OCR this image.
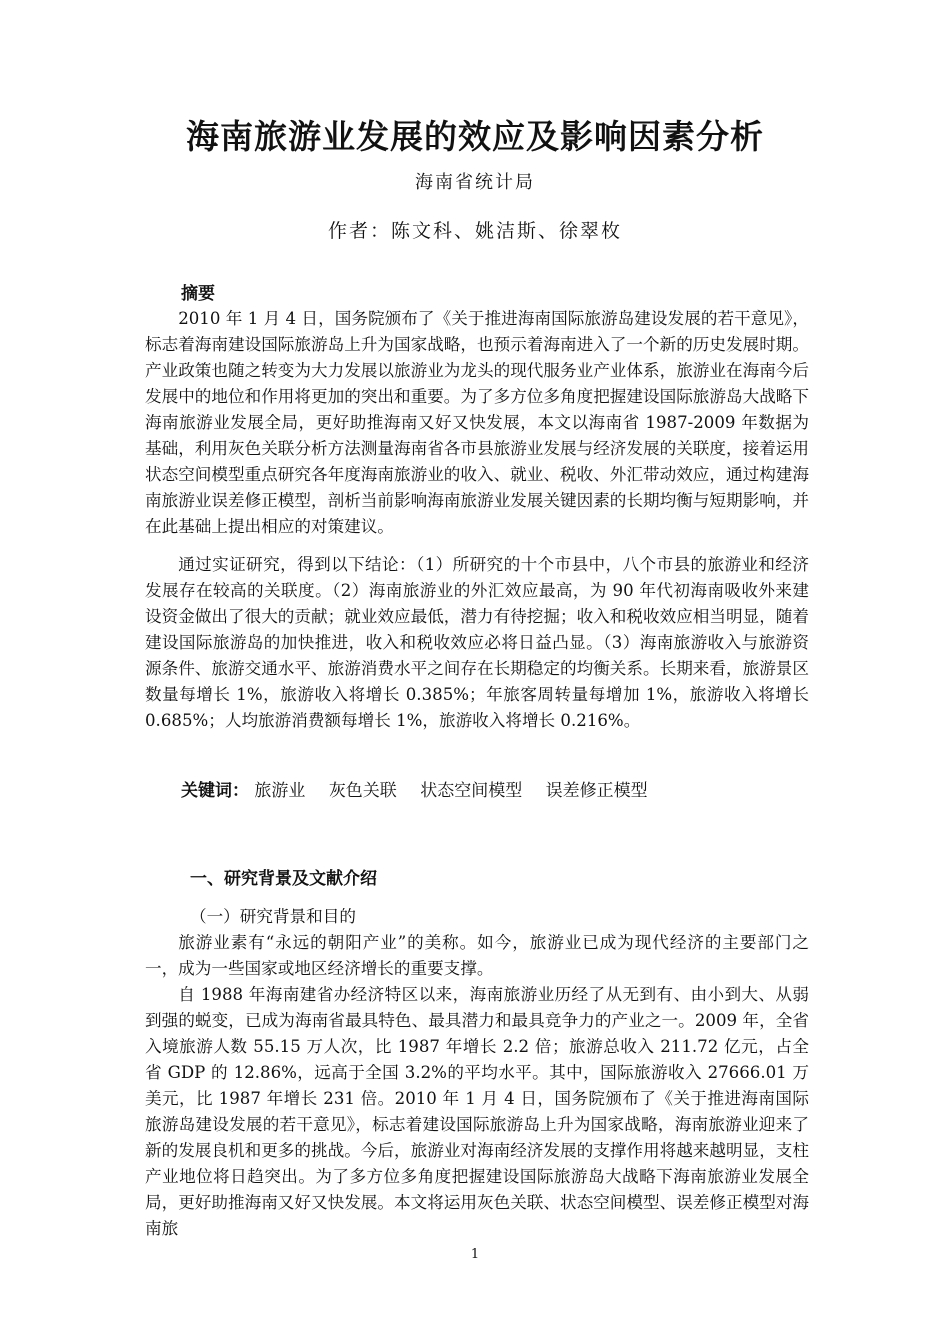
海南旅游业发展的效应及影响因素分析
海南省统计局
作者：陈文科、姚洁斯、徐翠枚
摘要

2010 年 1 月 4 日，国务院颁布了《关于推进海南国际旅游岛建设发展的若干意见》，标志着海南建设国际旅游岛上升为国家战略，也预示着海南进入了一个新的历史发展时期。产业政策也随之转变为大力发展以旅游业为龙头的现代服务业产业体系，旅游业在海南今后发展中的地位和作用将更加的突出和重要。为了多方位多角度把握建设国际旅游岛大战略下海南旅游业发展全局，更好助推海南又好又快发展，本文以海南省 1987-2009 年数据为基础，利用灰色关联分析方法测量海南省各市县旅游业发展与经济发展的关联度，接着运用状态空间模型重点研究各年度海南旅游业的收入、就业、税收、外汇带动效应，通过构建海南旅游业误差修正模型，剖析当前影响海南旅游业发展关键因素的长期均衡与短期影响，并在此基础上提出相应的对策建议。

通过实证研究，得到以下结论：（1）所研究的十个市县中，八个市县的旅游业和经济发展存在较高的关联度。（2）海南旅游业的外汇效应最高，为 90 年代初海南吸收外来建设资金做出了很大的贡献；就业效应最低，潜力有待挖掘；收入和税收效应相当明显，随着建设国际旅游岛的加快推进，收入和税收效应必将日益凸显。（3）海南旅游收入与旅游资源条件、旅游交通水平、旅游消费水平之间存在长期稳定的均衡关系。长期来看，旅游景区数量每增长 1%，旅游收入将增长 0.385%；年旅客周转量每增加 1%，旅游收入将增长 0.685%；人均旅游消费额每增长 1%，旅游收入将增长 0.216%。

关键词： 旅游业 灰色关联 状态空间模型 误差修正模型
一、研究背景及文献介绍
（一）研究背景和目的

旅游业素有“永远的朝阳产业”的美称。如今，旅游业已成为现代经济的主要部门之一，成为一些国家或地区经济增长的重要支撑。

自 1988 年海南建省办经济特区以来，海南旅游业历经了从无到有、由小到大、从弱到强的蜕变，已成为海南省最具特色、最具潜力和最具竞争力的产业之一。2009 年，全省入境旅游人数 55.15 万人次，比 1987 年增长 2.2 倍；旅游总收入 211.72 亿元，占全省 GDP 的 12.86%，远高于全国 3.2%的平均水平。其中，国际旅游收入 27666.01 万美元，比 1987 年增长 231 倍。2010 年 1 月 4 日，国务院颁布了《关于推进海南国际旅游岛建设发展的若干意见》，标志着建设国际旅游岛上升为国家战略，海南旅游业迎来了新的发展良机和更多的挑战。今后，旅游业对海南经济发展的支撑作用将越来越明显，支柱产业地位将日趋突出。为了多方位多角度把握建设国际旅游岛大战略下海南旅游业发展全局，更好助推海南又好又快发展。本文将运用灰色关联、状态空间模型、误差修正模型对海南旅

1
